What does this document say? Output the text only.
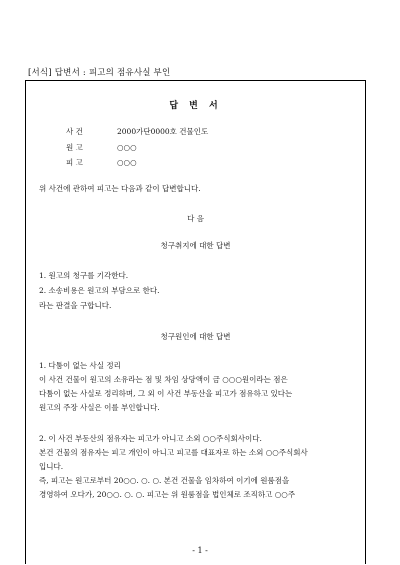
[서식] 답변서 : 피고의 점유사실 부인
답 변 서
사 건	2000가단0000호 건물인도
원 고	○○○
피 고	○○○
위 사건에 관하여 피고는 다음과 같이 답변합니다.
다 음
청구취지에 대한 답변
1. 원고의 청구를 기각한다.
2. 소송비용은 원고의 부담으로 한다.
라는 판결을 구합니다.
청구원인에 대한 답변
1. 다툼이 없는 사실 정리
이 사건 건물이 원고의 소유라는 점 및 차임 상당액이 금 ○○○원이라는 점은
다툼이 없는 사실로 정리하며, 그 외 이 사건 부동산을 피고가 점유하고 있다는
원고의 주장 사실은 이를 부인합니다.
2. 이 사건 부동산의 점유자는 피고가 아니고 소외 ○○주식회사이다.
본건 건물의 점유자는 피고 개인이 아니고 피고를 대표자로 하는 소외 ○○주식회사
입니다.
즉, 피고는 원고로부터 20○○. ○. ○. 본건 건물을 임차하여 이기에 원룸점을
경영하여 오다가, 20○○. ○. ○. 피고는 위 원룸점을 법인체로 조직하고 ○○주
- 1 -
